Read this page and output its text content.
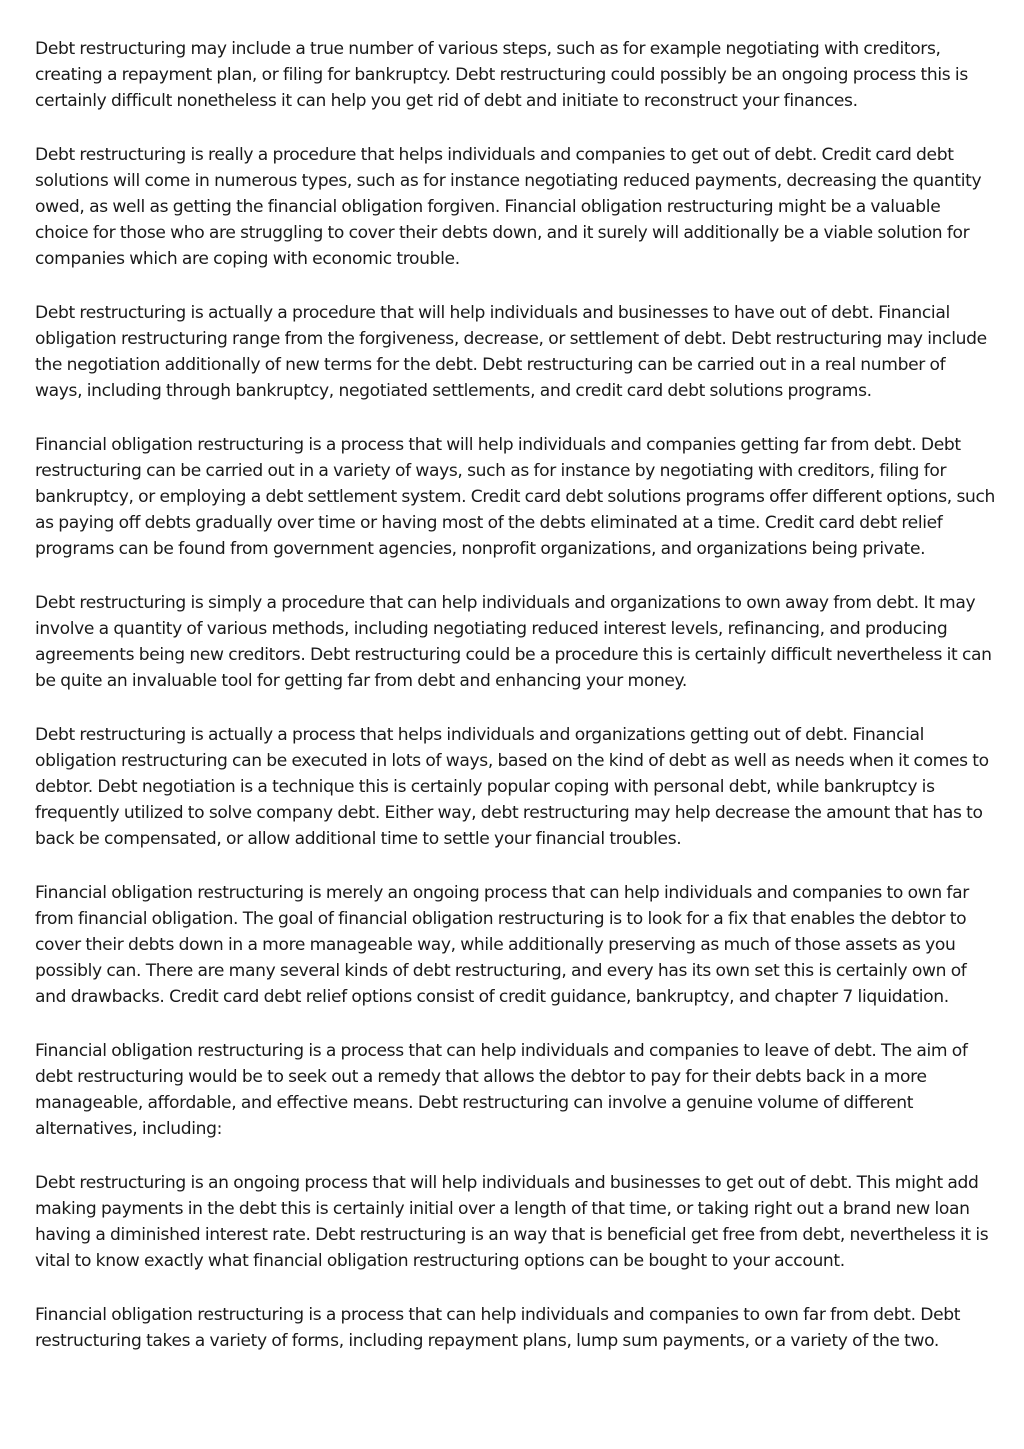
Debt restructuring may include a true number of various steps, such as for example negotiating with creditors, creating a repayment plan, or filing for bankruptcy. Debt restructuring could possibly be an ongoing process this is certainly difficult nonetheless it can help you get rid of debt and initiate to reconstruct your finances.

Debt restructuring is really a procedure that helps individuals and companies to get out of debt. Credit card debt solutions will come in numerous types, such as for instance negotiating reduced payments, decreasing the quantity owed, as well as getting the financial obligation forgiven. Financial obligation restructuring might be a valuable choice for those who are struggling to cover their debts down, and it surely will additionally be a viable solution for companies which are coping with economic trouble.

Debt restructuring is actually a procedure that will help individuals and businesses to have out of debt. Financial obligation restructuring range from the forgiveness, decrease, or settlement of debt. Debt restructuring may include the negotiation additionally of new terms for the debt. Debt restructuring can be carried out in a real number of ways, including through bankruptcy, negotiated settlements, and credit card debt solutions programs.

Financial obligation restructuring is a process that will help individuals and companies getting far from debt. Debt restructuring can be carried out in a variety of ways, such as for instance by negotiating with creditors, filing for bankruptcy, or employing a debt settlement system. Credit card debt solutions programs offer different options, such as paying off debts gradually over time or having most of the debts eliminated at a time. Credit card debt relief programs can be found from government agencies, nonprofit organizations, and organizations being private.

Debt restructuring is simply a procedure that can help individuals and organizations to own away from debt. It may involve a quantity of various methods, including negotiating reduced interest levels, refinancing, and producing agreements being new creditors. Debt restructuring could be a procedure this is certainly difficult nevertheless it can be quite an invaluable tool for getting far from debt and enhancing your money.

Debt restructuring is actually a process that helps individuals and organizations getting out of debt. Financial obligation restructuring can be executed in lots of ways, based on the kind of debt as well as needs when it comes to debtor. Debt negotiation is a technique this is certainly popular coping with personal debt, while bankruptcy is frequently utilized to solve company debt. Either way, debt restructuring may help decrease the amount that has to back be compensated, or allow additional time to settle your financial troubles.

Financial obligation restructuring is merely an ongoing process that can help individuals and companies to own far from financial obligation. The goal of financial obligation restructuring is to look for a fix that enables the debtor to cover their debts down in a more manageable way, while additionally preserving as much of those assets as you possibly can. There are many several kinds of debt restructuring, and every has its own set this is certainly own of and drawbacks. Credit card debt relief options consist of credit guidance, bankruptcy, and chapter 7 liquidation.

Financial obligation restructuring is a process that can help individuals and companies to leave of debt. The aim of debt restructuring would be to seek out a remedy that allows the debtor to pay for their debts back in a more manageable, affordable, and effective means. Debt restructuring can involve a genuine volume of different alternatives, including:

Debt restructuring is an ongoing process that will help individuals and businesses to get out of debt. This might add making payments in the debt this is certainly initial over a length of that time, or taking right out a brand new loan having a diminished interest rate. Debt restructuring is an way that is beneficial get free from debt, nevertheless it is vital to know exactly what financial obligation restructuring options can be bought to your account.

Financial obligation restructuring is a process that can help individuals and companies to own far from debt. Debt restructuring takes a variety of forms, including repayment plans, lump sum payments, or a variety of the two.
